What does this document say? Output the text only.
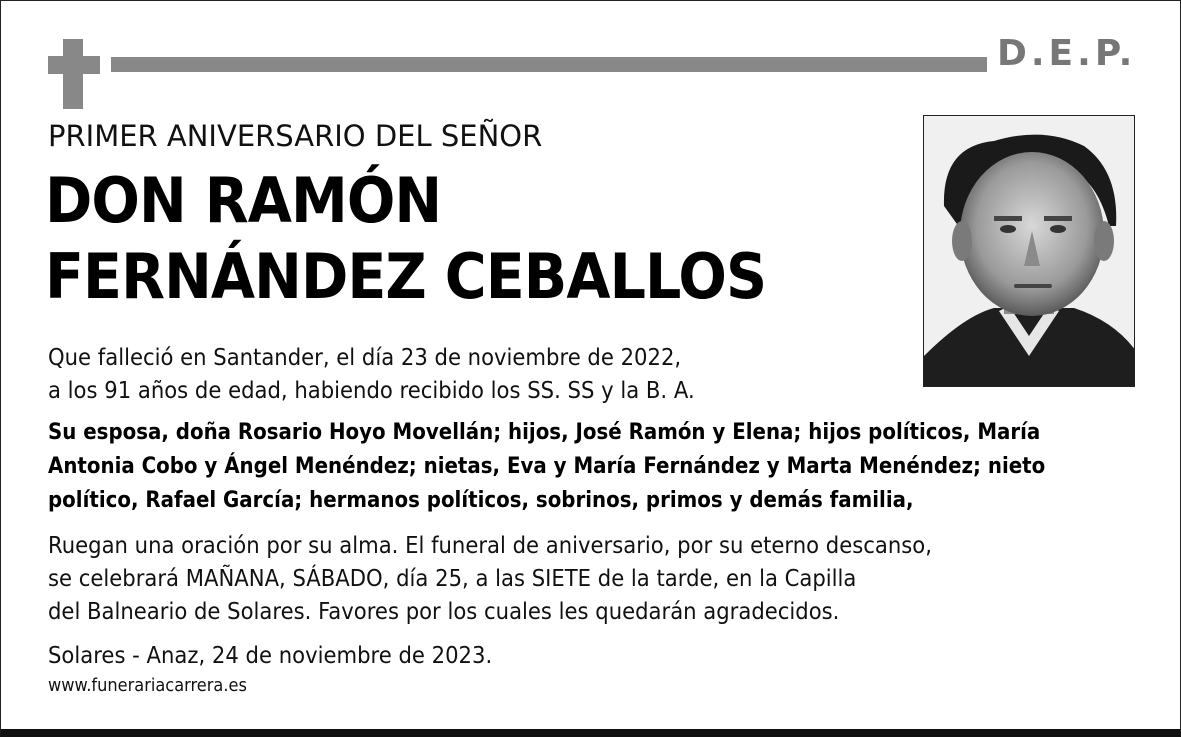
D.E.P.
PRIMER ANIVERSARIO DEL SEÑOR
DON RAMÓN
FERNÁNDEZ CEBALLOS
Que falleció en Santander, el día 23 de noviembre de 2022,
a los 91 años de edad, habiendo recibido los SS. SS y la B. A.
Su esposa, doña Rosario Hoyo Movellán; hijos, José Ramón y Elena; hijos políticos, María
Antonia Cobo y Ángel Menéndez; nietas, Eva y María Fernández y Marta Menéndez; nieto
político, Rafael García; hermanos políticos, sobrinos, primos y demás familia,
Ruegan una oración por su alma. El funeral de aniversario, por su eterno descanso,
se celebrará MAÑANA, SÁBADO, día 25, a las SIETE de la tarde, en la Capilla
del Balneario de Solares. Favores por los cuales les quedarán agradecidos.
Solares - Anaz, 24 de noviembre de 2023.
www.funerariacarrera.es
